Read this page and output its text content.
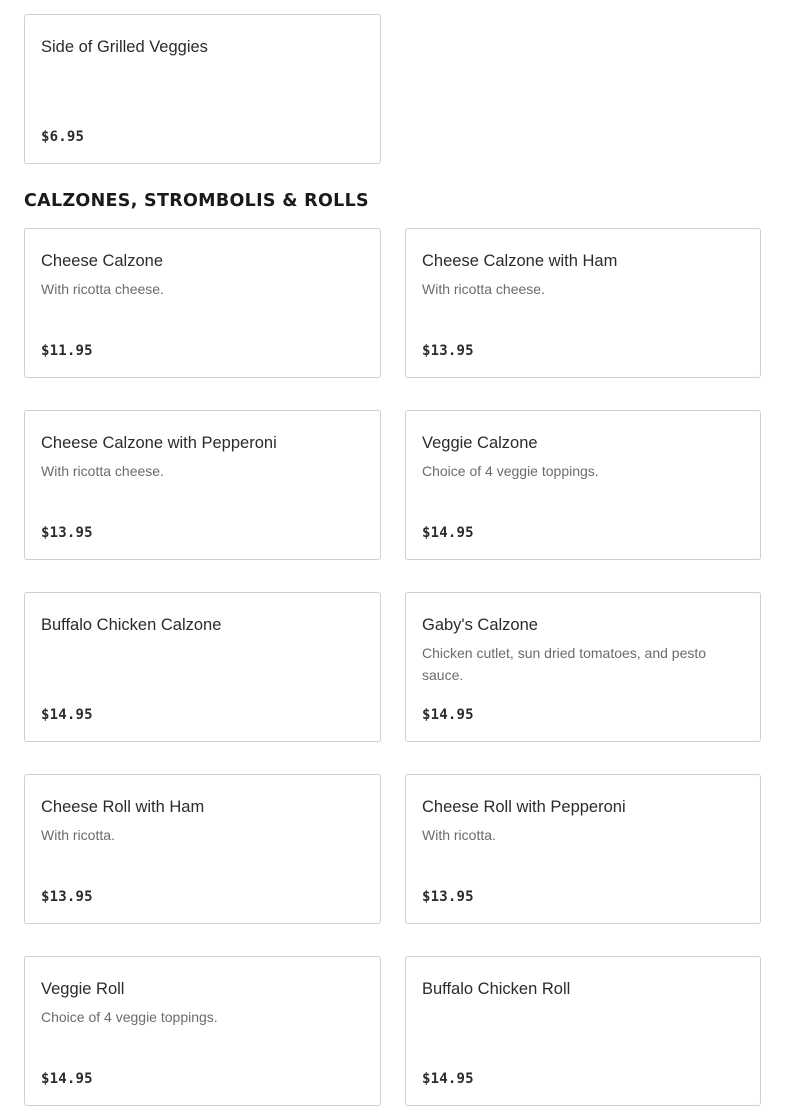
Side of Grilled Veggies
$6.95
CALZONES, STROMBOLIS & ROLLS
Cheese Calzone
With ricotta cheese.
$11.95
Cheese Calzone with Ham
With ricotta cheese.
$13.95
Cheese Calzone with Pepperoni
With ricotta cheese.
$13.95
Veggie Calzone
Choice of 4 veggie toppings.
$14.95
Buffalo Chicken Calzone
$14.95
Gaby's Calzone
Chicken cutlet, sun dried tomatoes, and pesto sauce.
$14.95
Cheese Roll with Ham
With ricotta.
$13.95
Cheese Roll with Pepperoni
With ricotta.
$13.95
Veggie Roll
Choice of 4 veggie toppings.
$14.95
Buffalo Chicken Roll
$14.95
